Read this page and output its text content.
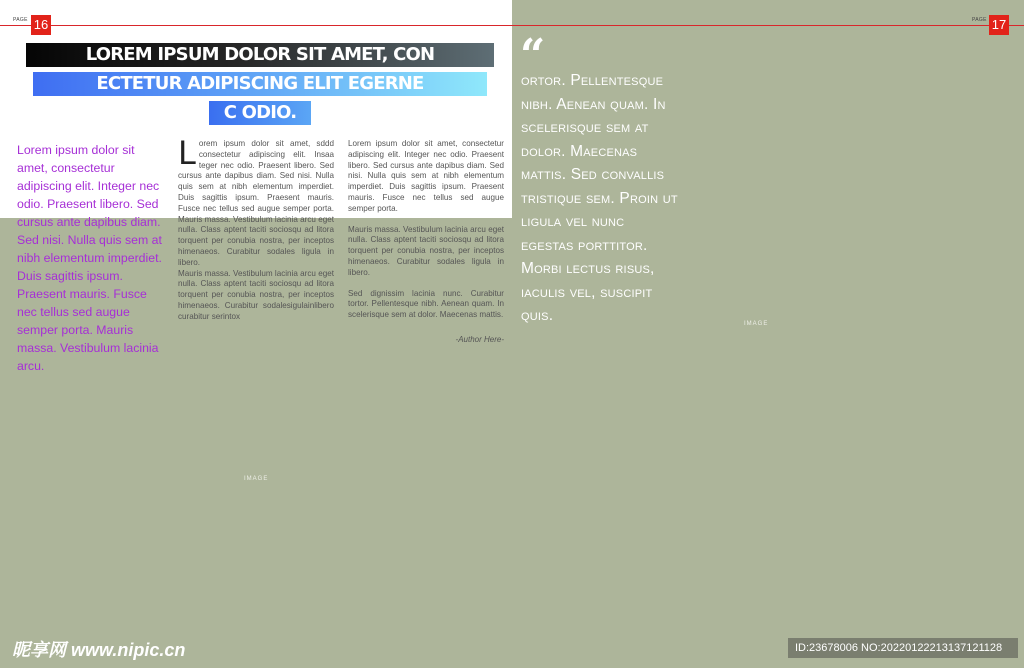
PAGE 16	PAGE 17
LOREM IPSUM DOLOR SIT AMET, CON
ECTETUR ADIPISCING ELIT EGERNE
C ODIO.
Lorem ipsum dolor sit amet, consectetur adipiscing elit. Integer nec odio. Praesent libero. Sed cursus ante dapibus diam. Sed nisi. Nulla quis sem at nibh elementum imperdiet. Duis sagittis ipsum. Praesent mauris. Fusce nec tellus sed augue semper porta. Mauris massa. Vestibulum lacinia arcu.
L orem ipsum dolor sit amet, sddd consectetur adipiscing elit. Insaa teger nec odio. Praesent libero. Sed cursus ante dapibus diam. Sed nisi. Nulla quis sem at nibh elementum imperdiet. Duis sagittis ipsum. Praesent mauris. Fusce nec tellus sed augue semper porta. Mauris massa. Vestibulum lacinia arcu eget nulla. Class aptent taciti sociosqu ad litora torquent per conubia nostra, per inceptos himenaeos. Curabitur sodales ligula in libero.

Mauris massa. Vestibulum lacinia arcu eget nulla. Class aptent taciti sociosqu ad litora torquent per conubia nostra, per inceptos himenaeos. Curabitur sodalesigulainlibero curabitur serintox

Lorem ipsum dolor sit amet, consectetur adipiscing elit. Integer nec odio. Praesent libero. Sed cursus ante dapibus diam. Sed nisi. Nulla quis sem at nibh elementum imperdiet. Duis sagittis ipsum. Praesent mauris. Fusce nec tellus sed augue semper porta.

Mauris massa. Vestibulum lacinia arcu eget nulla. Class aptent taciti sociosqu ad litora torquent per conubia nostra, per inceptos himenaeos. Curabitur sodales ligula in libero.

Sed dignissim lacinia nunc. Curabitur tortor. Pellentesque nibh. Aenean quam. In scelerisque sem at dolor. Maecenas mattis.

-Author Here-
IMAGE
IMAGE
“
ortor. Pellentesque nibh. Aenean quam. In scelerisque sem at dolor. Maecenas mattis. Sed convallis tristique sem. Proin ut ligula vel nunc egestas porttitor. Morbi lectus risus, iaculis vel, suscipit quis.
昵享网 www.nipic.cn	ID:23678006 NO:20220122213137121128
